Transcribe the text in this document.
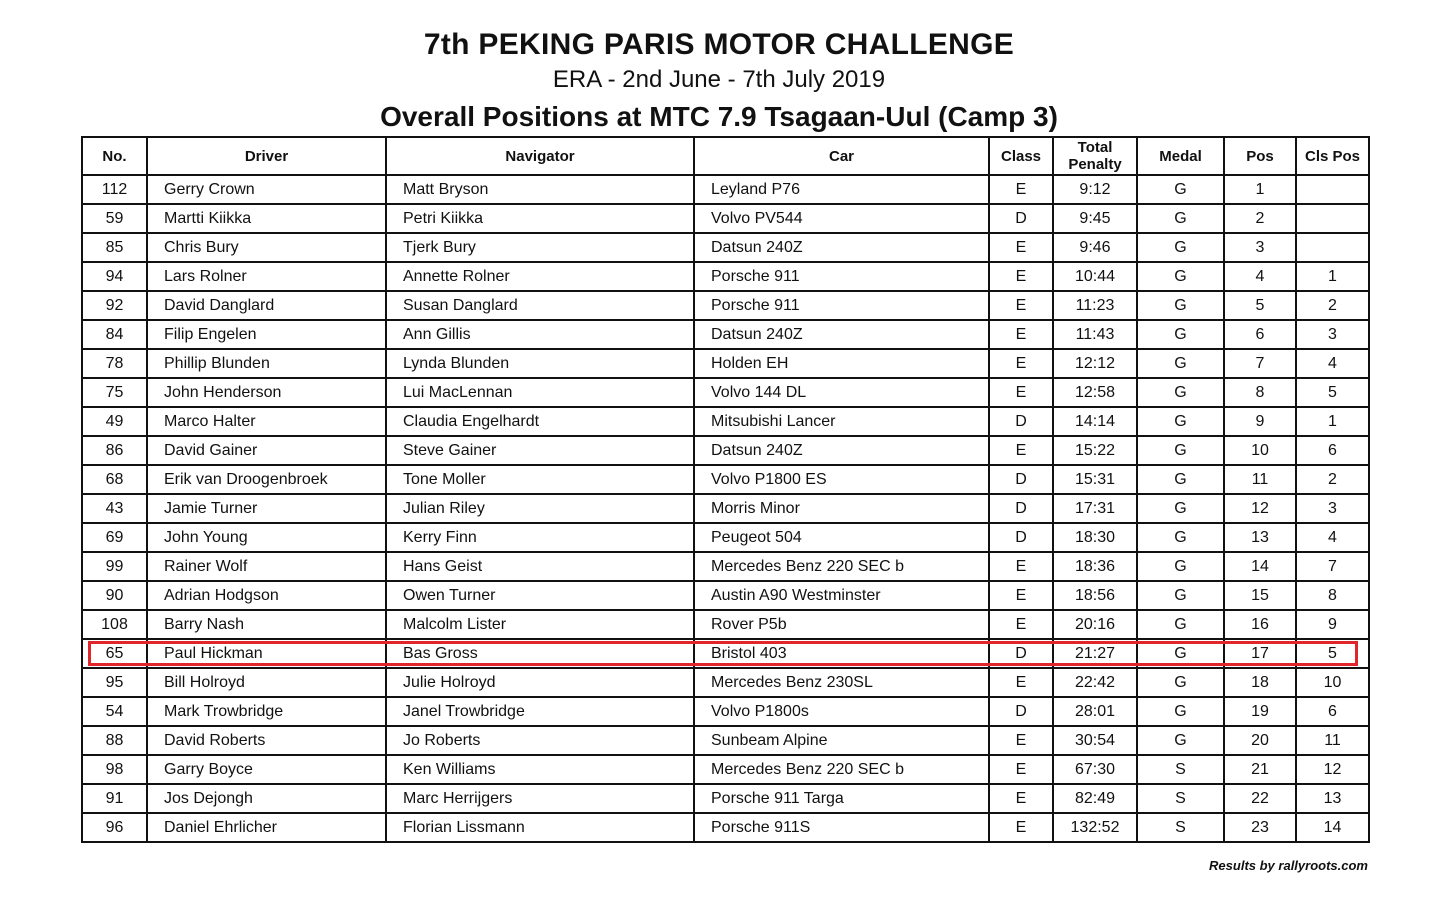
7th PEKING PARIS MOTOR CHALLENGE
ERA - 2nd June - 7th July 2019
Overall Positions at MTC 7.9 Tsagaan-Uul (Camp 3)
No.	Driver	Navigator	Car	Class	Total Penalty	Medal	Pos	Cls Pos
112	Gerry Crown	Matt Bryson	Leyland P76	E	9:12	G	1	
59	Martti Kiikka	Petri Kiikka	Volvo PV544	D	9:45	G	2	
85	Chris Bury	Tjerk Bury	Datsun 240Z	E	9:46	G	3	
94	Lars Rolner	Annette Rolner	Porsche 911	E	10:44	G	4	1
92	David Danglard	Susan Danglard	Porsche 911	E	11:23	G	5	2
84	Filip Engelen	Ann Gillis	Datsun 240Z	E	11:43	G	6	3
78	Phillip Blunden	Lynda Blunden	Holden EH	E	12:12	G	7	4
75	John Henderson	Lui MacLennan	Volvo 144 DL	E	12:58	G	8	5
49	Marco Halter	Claudia Engelhardt	Mitsubishi Lancer	D	14:14	G	9	1
86	David Gainer	Steve Gainer	Datsun 240Z	E	15:22	G	10	6
68	Erik van Droogenbroek	Tone Moller	Volvo P1800 ES	D	15:31	G	11	2
43	Jamie Turner	Julian Riley	Morris Minor	D	17:31	G	12	3
69	John Young	Kerry Finn	Peugeot 504	D	18:30	G	13	4
99	Rainer Wolf	Hans Geist	Mercedes Benz 220 SEC b	E	18:36	G	14	7
90	Adrian Hodgson	Owen Turner	Austin A90 Westminster	E	18:56	G	15	8
108	Barry Nash	Malcolm Lister	Rover P5b	E	20:16	G	16	9
65	Paul Hickman	Bas Gross	Bristol 403	D	21:27	G	17	5
95	Bill Holroyd	Julie Holroyd	Mercedes Benz 230SL	E	22:42	G	18	10
54	Mark Trowbridge	Janel Trowbridge	Volvo P1800s	D	28:01	G	19	6
88	David Roberts	Jo Roberts	Sunbeam Alpine	E	30:54	G	20	11
98	Garry Boyce	Ken Williams	Mercedes Benz 220 SEC b	E	67:30	S	21	12
91	Jos Dejongh	Marc Herrijgers	Porsche 911 Targa	E	82:49	S	22	13
96	Daniel Ehrlicher	Florian Lissmann	Porsche 911S	E	132:52	S	23	14
Results by rallyroots.com
